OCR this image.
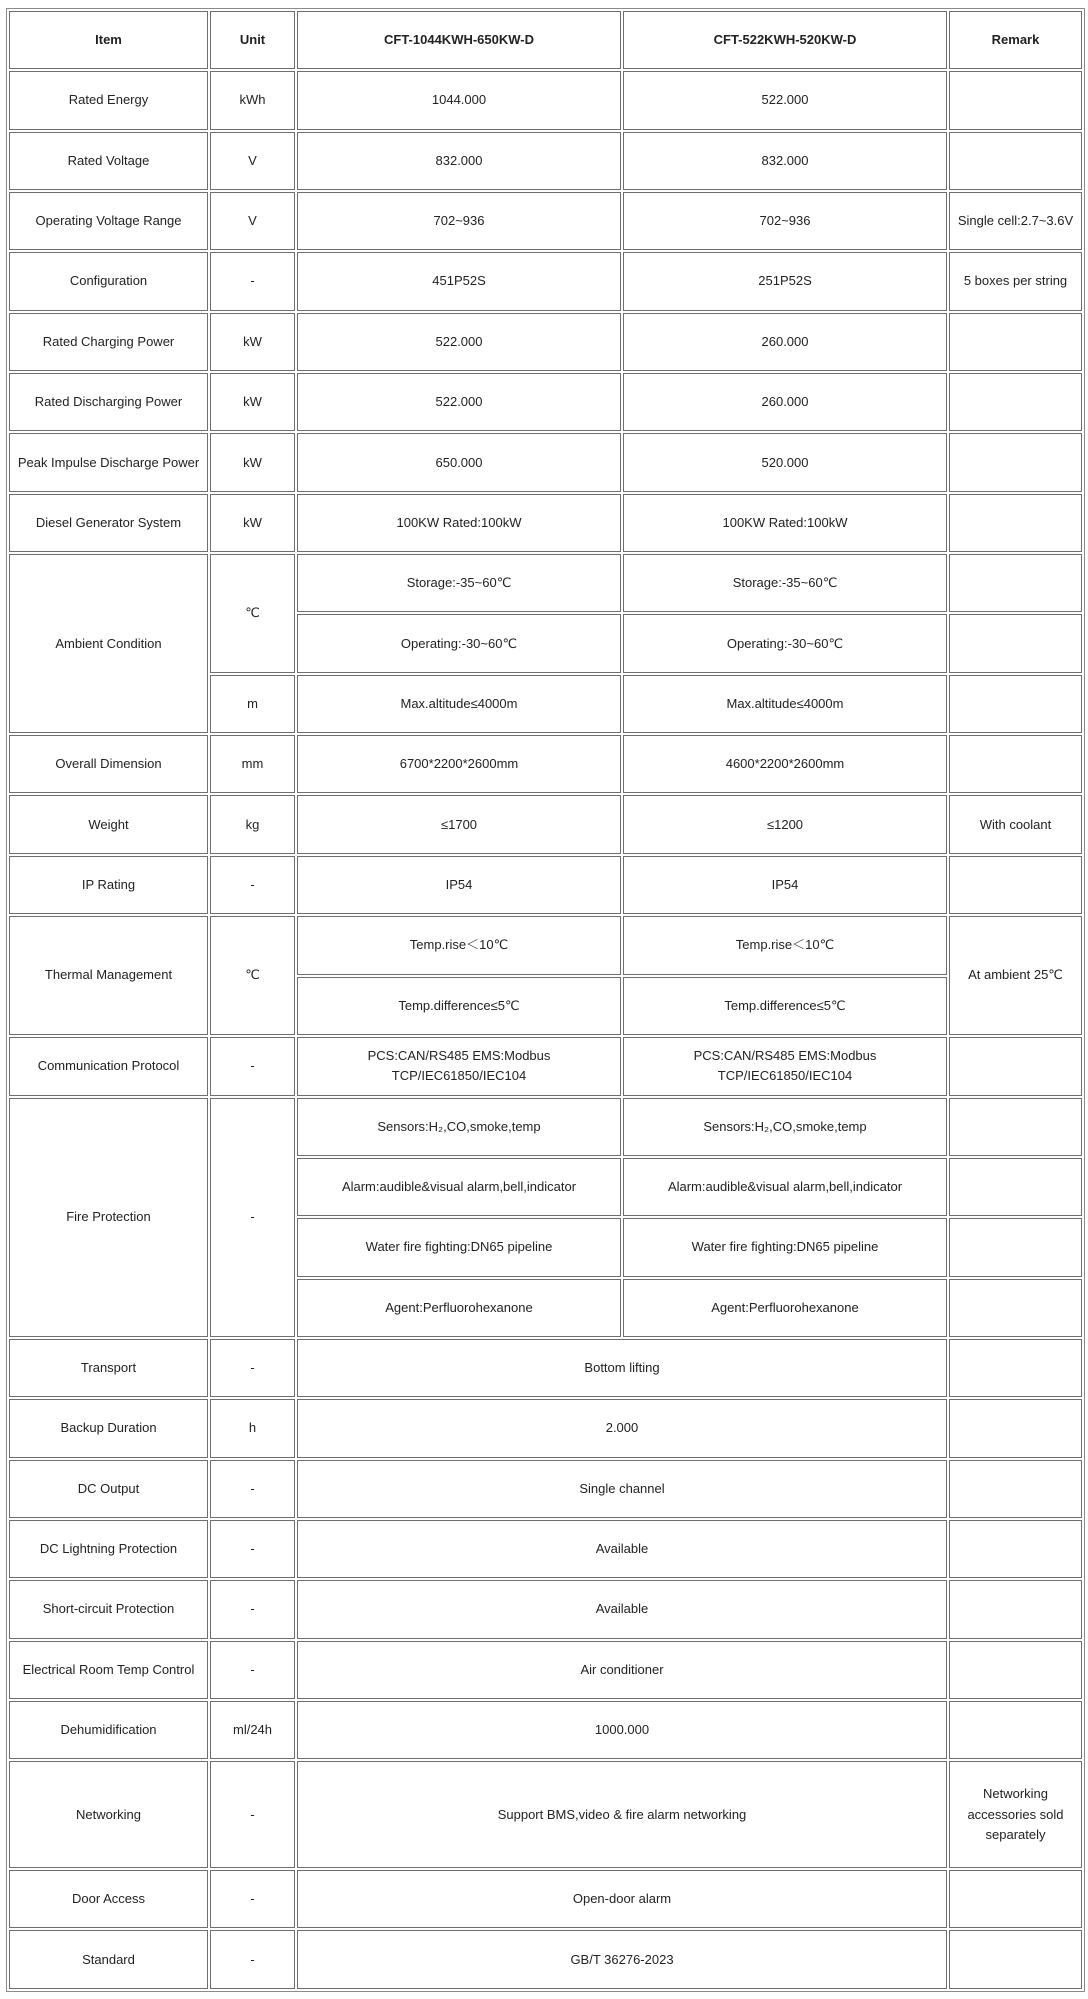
Item	Unit	CFT-1044KWH-650KW-D	CFT-522KWH-520KW-D	Remark
Rated Energy	kWh	1044.000	522.000	
Rated Voltage	V	832.000	832.000	
Operating Voltage Range	V	702~936	702~936	Single cell:2.7~3.6V
Configuration	-	451P52S	251P52S	5 boxes per string
Rated Charging Power	kW	522.000	260.000	
Rated Discharging Power	kW	522.000	260.000	
Peak Impulse Discharge Power	kW	650.000	520.000	
Diesel Generator System	kW	100KW Rated:100kW	100KW Rated:100kW	
Ambient Condition	℃	Storage:-35~60℃	Storage:-35~60℃	
		Operating:-30~60℃	Operating:-30~60℃	
	m	Max.altitude≤4000m	Max.altitude≤4000m	
Overall Dimension	mm	6700*2200*2600mm	4600*2200*2600mm	
Weight	kg	≤1700	≤1200	With coolant
IP Rating	-	IP54	IP54	
Thermal Management	℃	Temp.rise＜10℃	Temp.rise＜10℃	At ambient 25℃
		Temp.difference≤5℃	Temp.difference≤5℃	
Communication Protocol	-	PCS:CAN/RS485 EMS:Modbus TCP/IEC61850/IEC104	PCS:CAN/RS485 EMS:Modbus TCP/IEC61850/IEC104	
Fire Protection	-	Sensors:H₂,CO,smoke,temp	Sensors:H₂,CO,smoke,temp	
		Alarm:audible&visual alarm,bell,indicator	Alarm:audible&visual alarm,bell,indicator	
		Water fire fighting:DN65 pipeline	Water fire fighting:DN65 pipeline	
		Agent:Perfluorohexanone	Agent:Perfluorohexanone	
Transport	-	Bottom lifting		
Backup Duration	h	2.000		
DC Output	-	Single channel		
DC Lightning Protection	-	Available		
Short-circuit Protection	-	Available		
Electrical Room Temp Control	-	Air conditioner		
Dehumidification	ml/24h	1000.000		
Networking	-	Support BMS,video & fire alarm networking		Networking accessories sold separately
Door Access	-	Open-door alarm		
Standard	-	GB/T 36276-2023		
